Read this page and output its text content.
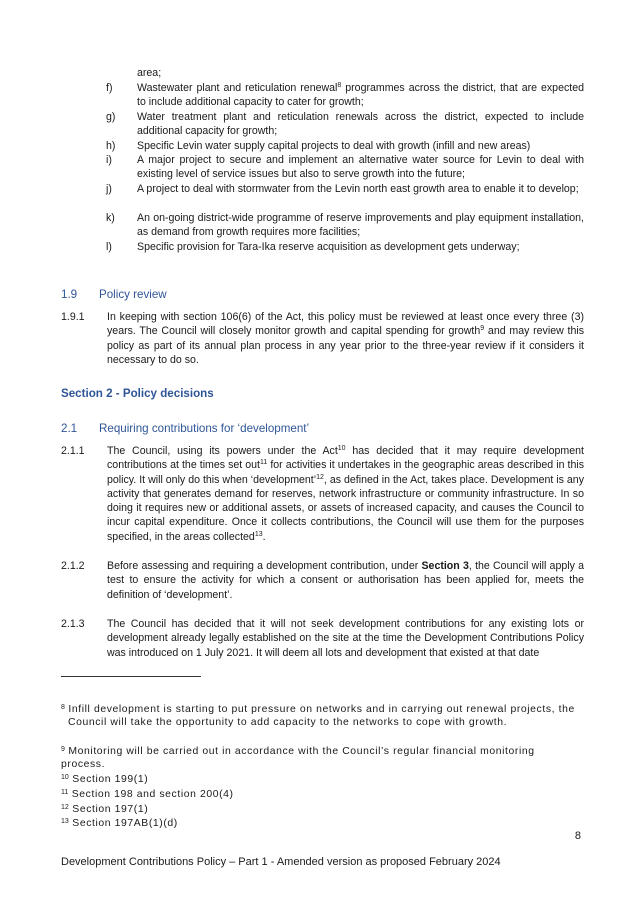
area;
f) Wastewater plant and reticulation renewal$^8$ programmes across the district, that are expected to include additional capacity to cater for growth;
g) Water treatment plant and reticulation renewals across the district, expected to include additional capacity for growth;
h) Specific Levin water supply capital projects to deal with growth (infill and new areas)
i) A major project to secure and implement an alternative water source for Levin to deal with existing level of service issues but also to serve growth into the future;
j) A project to deal with stormwater from the Levin north east growth area to enable it to develop;
k) An on-going district-wide programme of reserve improvements and play equipment installation, as demand from growth requires more facilities;
l) Specific provision for Tara-Ika reserve acquisition as development gets underway;
1.9 Policy review
1.9.1 In keeping with section 106(6) of the Act, this policy must be reviewed at least once every three (3) years. The Council will closely monitor growth and capital spending for growth$^9$ and may review this policy as part of its annual plan process in any year prior to the three-year review if it considers it necessary to do so.
Section 2 - Policy decisions
2.1 Requiring contributions for ‘development’
2.1.1 The Council, using its powers under the Act$^{10}$ has decided that it may require development contributions at the times set out$^{11}$ for activities it undertakes in the geographic areas described in this policy. It will only do this when ‘development’$^{12}$, as defined in the Act, takes place. Development is any activity that generates demand for reserves, network infrastructure or community infrastructure. In so doing it requires new or additional assets, or assets of increased capacity, and causes the Council to incur capital expenditure. Once it collects contributions, the Council will use them for the purposes specified, in the areas collected$^{13}$.
2.1.2 Before assessing and requiring a development contribution, under Section 3, the Council will apply a test to ensure the activity for which a consent or authorisation has been applied for, meets the definition of ‘development’.
2.1.3 The Council has decided that it will not seek development contributions for any existing lots or development already legally established on the site at the time the Development Contributions Policy was introduced on 1 July 2021. It will deem all lots and development that existed at that date
$^8$ Infill development is starting to put pressure on networks and in carrying out renewal projects, the Council will take the opportunity to add capacity to the networks to cope with growth.
$^9$ Monitoring will be carried out in accordance with the Council’s regular financial monitoring process.
$^{10}$ Section 199(1)
$^{11}$ Section 198 and section 200(4)
$^{12}$ Section 197(1)
$^{13}$ Section 197AB(1)(d)
8
Development Contributions Policy – Part 1 - Amended version as proposed February 2024
